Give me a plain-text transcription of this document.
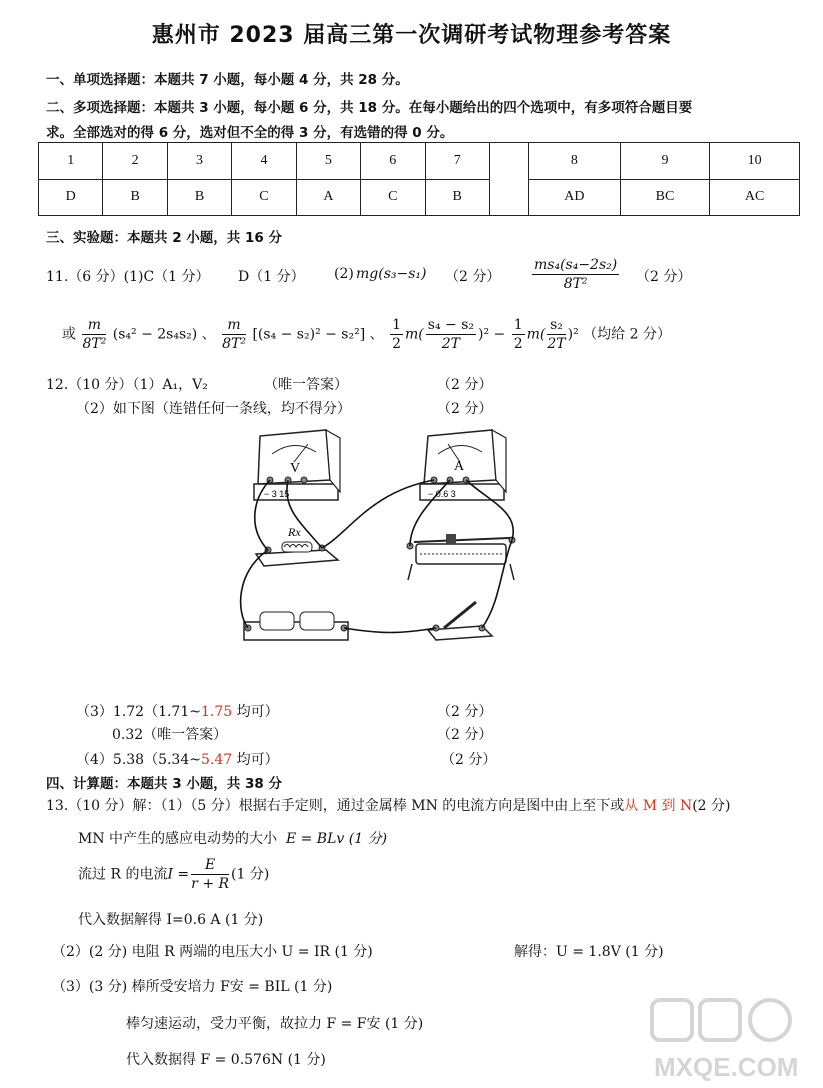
惠州市 2023 届高三第一次调研考试物理参考答案
一、单项选择题：本题共 7 小题，每小题 4 分，共 28 分。
二、多项选择题：本题共 3 小题，每小题 6 分，共 18 分。在每小题给出的四个选项中，有多项符合题目要
求。全部选对的得 6 分，选对但不全的得 3 分，有选错的得 0 分。
1	2	3	4	5	6	7		8	9	10
D	B	B	C	A	C	B		AD	BC	AC
三、实验题：本题共 2 小题，共 16 分
11.（6 分）(1)C（1 分） D（1 分） (2) mg(s₃−s₁) （2 分） $\frac{\text{ms₄(s₄−2s₂)}}{\text{8T²}} (2$ 分）
或 $\frac{m}{\text{8T²}} (s_4^2 - 2s_4s_2)$ 、 $\frac{m}{\text{8T²}} [(s_4 - s_2)^2 - s_2^2]$ 、 $\frac{1}{2} m( \frac{\text{s₄ − s₂}}{2T} )^2 - \frac{1}{2} m( \frac{\text{s₂}}{2T} )^2$ （均给 2 分）
12.（10 分）（1）A₁，V₂	（唯一答案）	（2 分）
（2）如下图（连错任何一条线，均不得分）	（2 分）
V
− 3 15
A
− 0.6 3
Rx
（3）1.72（1.71~1.75 均可）	（2 分）
0.32（唯一答案）	（2 分）
（4）5.38（5.34~5.47 均可）	（2 分）
四、计算题：本题共 3 小题，共 38 分
13.（10 分）解：（1）（5 分）根据右手定则，通过金属棒 MN 的电流方向是图中由上至下或从 M 到 N(2 分)
MN 中产生的感应电动势的大小 E = BLv (1 分)
流过 R 的电流$I = \frac{E}{r + R} (1$ 分)
代入数据解得 I=0.6 A (1 分)
（2）(2 分) 电阻 R 两端的电压大小 U = IR (1 分)	解得：U = 1.8V (1 分)
（3）(3 分) 棒所受安培力 F安 = BIL (1 分)
棒匀速运动，受力平衡，故拉力 F = F安 (1 分)
代入数据得 F = 0.576N (1 分)	MXQE.COM
